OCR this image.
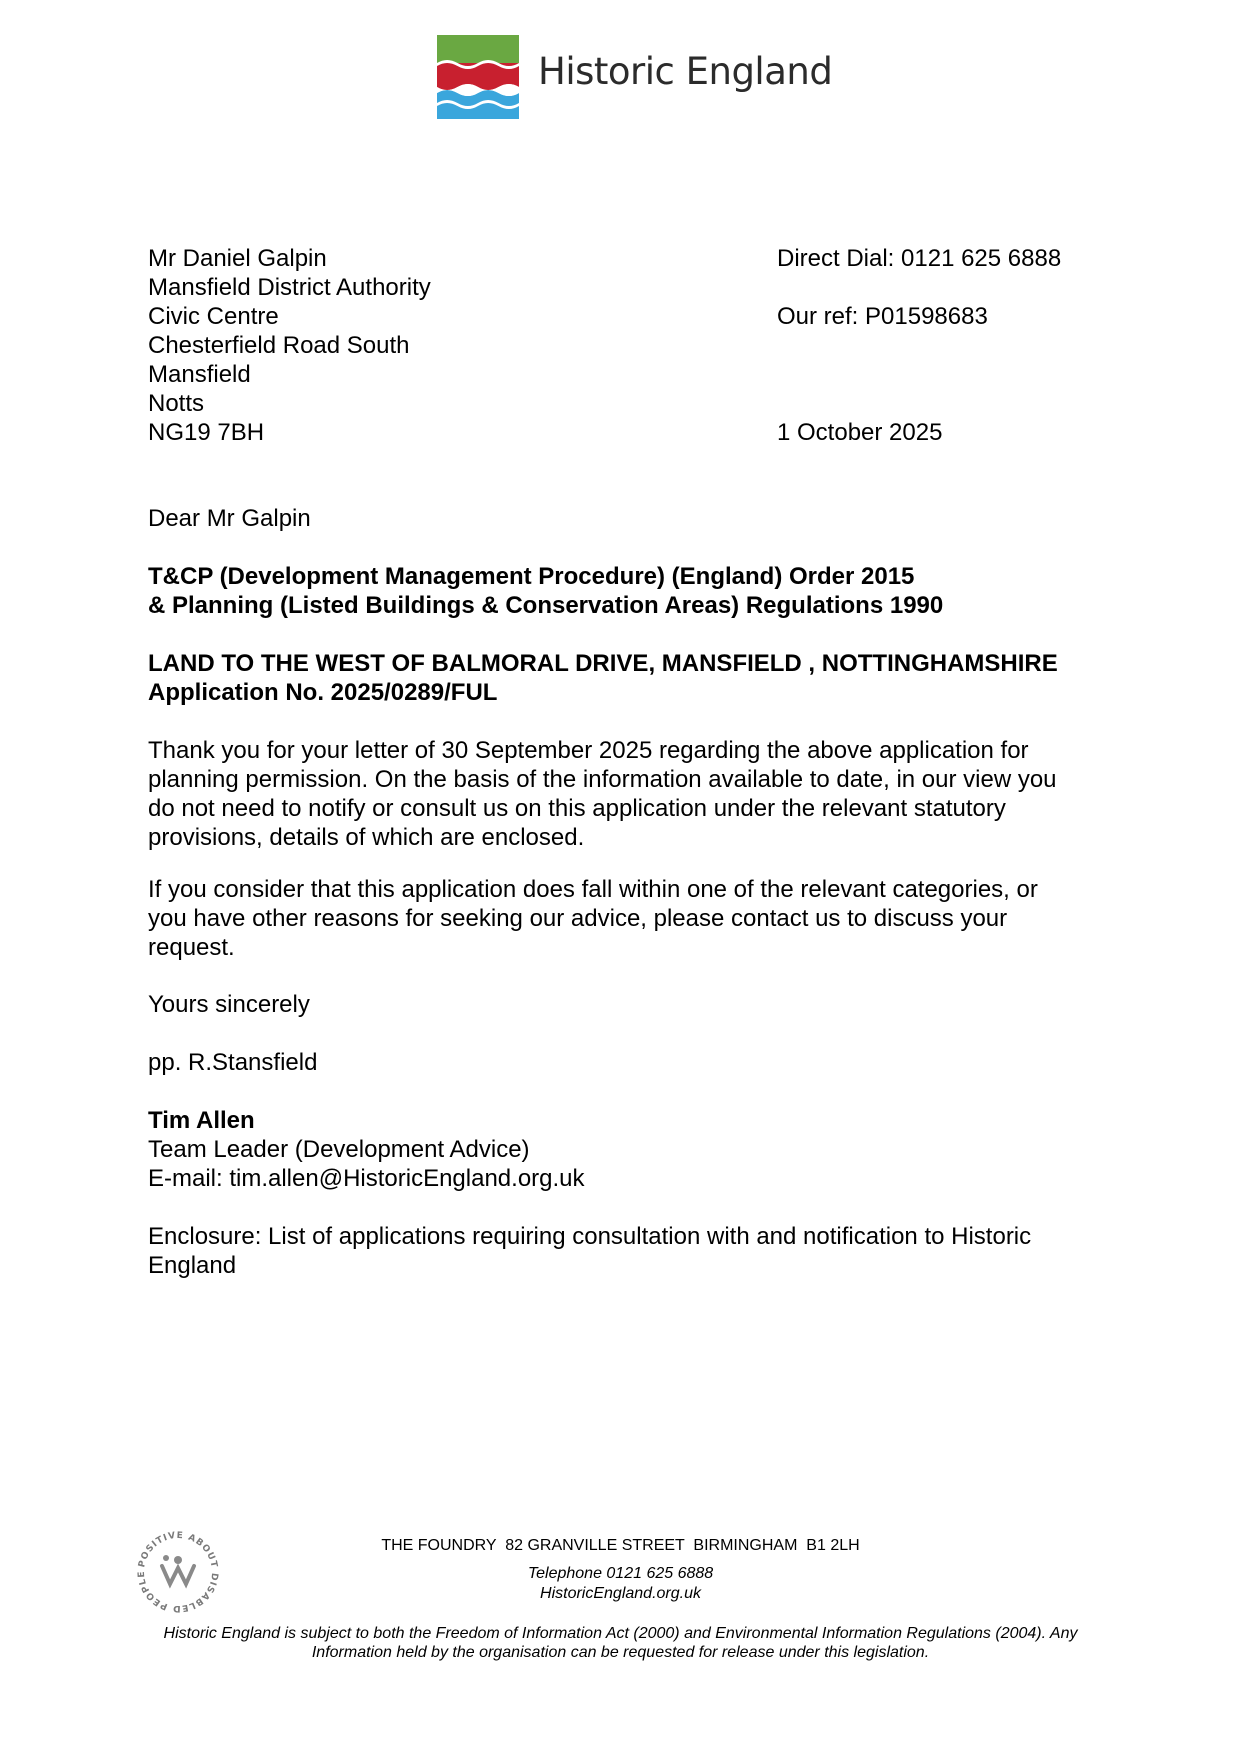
Historic England
Mr Daniel Galpin
Mansfield District Authority
Civic Centre
Chesterfield Road South
Mansfield
Notts
NG19 7BH
Direct Dial: 0121 625 6888
Our ref: P01598683
1 October 2025
Dear Mr Galpin
T&CP (Development Management Procedure) (England) Order 2015
& Planning (Listed Buildings & Conservation Areas) Regulations 1990
LAND TO THE WEST OF BALMORAL DRIVE, MANSFIELD , NOTTINGHAMSHIRE
Application No. 2025/0289/FUL
Thank you for your letter of 30 September 2025 regarding the above application for
planning permission. On the basis of the information available to date, in our view you
do not need to notify or consult us on this application under the relevant statutory
provisions, details of which are enclosed.
If you consider that this application does fall within one of the relevant categories, or
you have other reasons for seeking our advice, please contact us to discuss your
request.
Yours sincerely
pp. R.Stansfield
Tim Allen
Team Leader (Development Advice)
E-mail: tim.allen@HistoricEngland.org.uk
Enclosure: List of applications requiring consultation with and notification to Historic
England
POSITIVE ABOUT DISABLED PEOPLE
THE FOUNDRY  82 GRANVILLE STREET  BIRMINGHAM  B1 2LH
Telephone 0121 625 6888
HistoricEngland.org.uk
Historic England is subject to both the Freedom of Information Act (2000) and Environmental Information Regulations (2004). Any
Information held by the organisation can be requested for release under this legislation.
